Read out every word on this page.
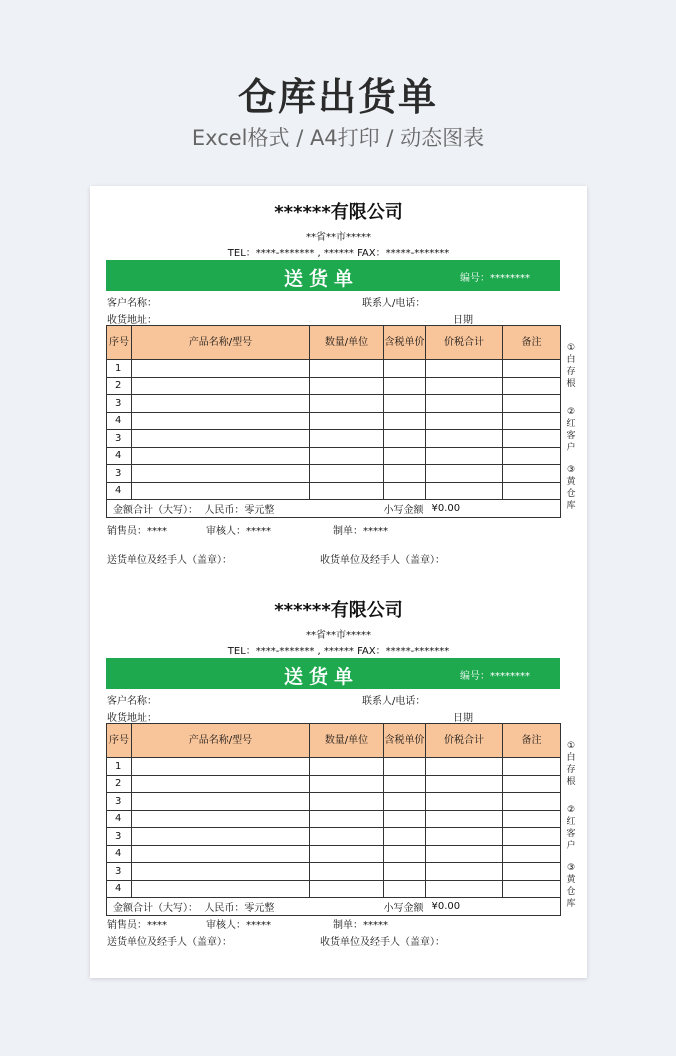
仓库出货单
Excel格式 / A4打印 / 动态图表
******有限公司
**省**市*****
TEL：****-******* , ****** FAX：*****-*******
送货单	编号：********
客户名称：	联系人/电话：
收货地址：	日期
序号	产品名称/型号	数量/单位	含税单价	价税合计	备注
1					
2					
3					
4					
3					
4					
3					
4					
金额合计（大写）： 人民币：零元整			小写金额	¥0.00	
①白存根
②红客户
③黄仓库
销售员：****	审核人：*****	制单：*****
送货单位及经手人（盖章）：	收货单位及经手人（盖章）：
******有限公司
**省**市*****
TEL：****-******* , ****** FAX：*****-*******
送货单	编号：********
客户名称：	联系人/电话：
收货地址：	日期
序号	产品名称/型号	数量/单位	含税单价	价税合计	备注
1					
2					
3					
4					
3					
4					
3					
4					
金额合计（大写）： 人民币：零元整			小写金额	¥0.00	
①白存根
②红客户
③黄仓库
销售员：****	审核人：*****	制单：*****
送货单位及经手人（盖章）：	收货单位及经手人（盖章）：
